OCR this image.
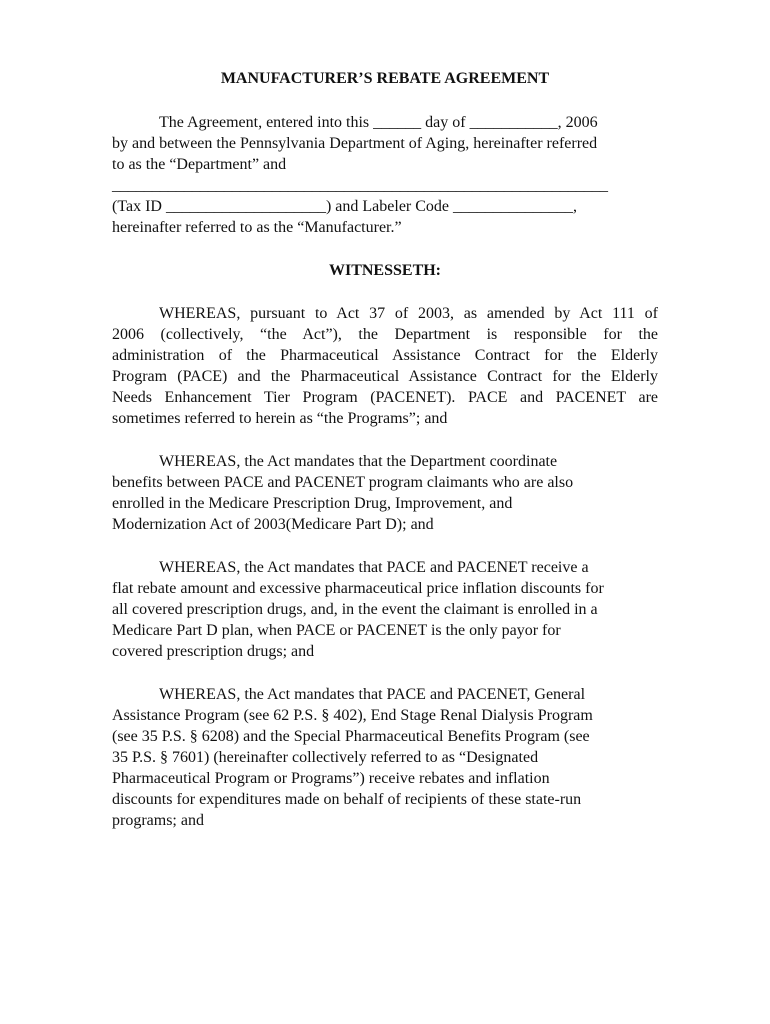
MANUFACTURER’S REBATE AGREEMENT
The Agreement, entered into this ______ day of ___________, 2006
by and between the Pennsylvania Department of Aging, hereinafter referred
to as the “Department” and
______________________________________________________________
(Tax ID ____________________) and Labeler Code _______________,
hereinafter referred to as the “Manufacturer.”
WITNESSETH:
WHEREAS, pursuant to Act 37 of 2003, as amended by Act 111 of
2006 (collectively, “the Act”), the Department is responsible for the
administration of the Pharmaceutical Assistance Contract for the Elderly
Program (PACE) and the Pharmaceutical Assistance Contract for the Elderly
Needs Enhancement Tier Program (PACENET). PACE and PACENET are
sometimes referred to herein as “the Programs”; and
WHEREAS, the Act mandates that the Department coordinate
benefits between PACE and PACENET program claimants who are also
enrolled in the Medicare Prescription Drug, Improvement, and
Modernization Act of 2003(Medicare Part D); and
WHEREAS, the Act mandates that PACE and PACENET receive a
flat rebate amount and excessive pharmaceutical price inflation discounts for
all covered prescription drugs, and, in the event the claimant is enrolled in a
Medicare Part D plan, when PACE or PACENET is the only payor for
covered prescription drugs; and
WHEREAS, the Act mandates that PACE and PACENET, General
Assistance Program (see 62 P.S. § 402), End Stage Renal Dialysis Program
(see 35 P.S. § 6208) and the Special Pharmaceutical Benefits Program (see
35 P.S. § 7601) (hereinafter collectively referred to as “Designated
Pharmaceutical Program or Programs”) receive rebates and inflation
discounts for expenditures made on behalf of recipients of these state-run
programs; and
